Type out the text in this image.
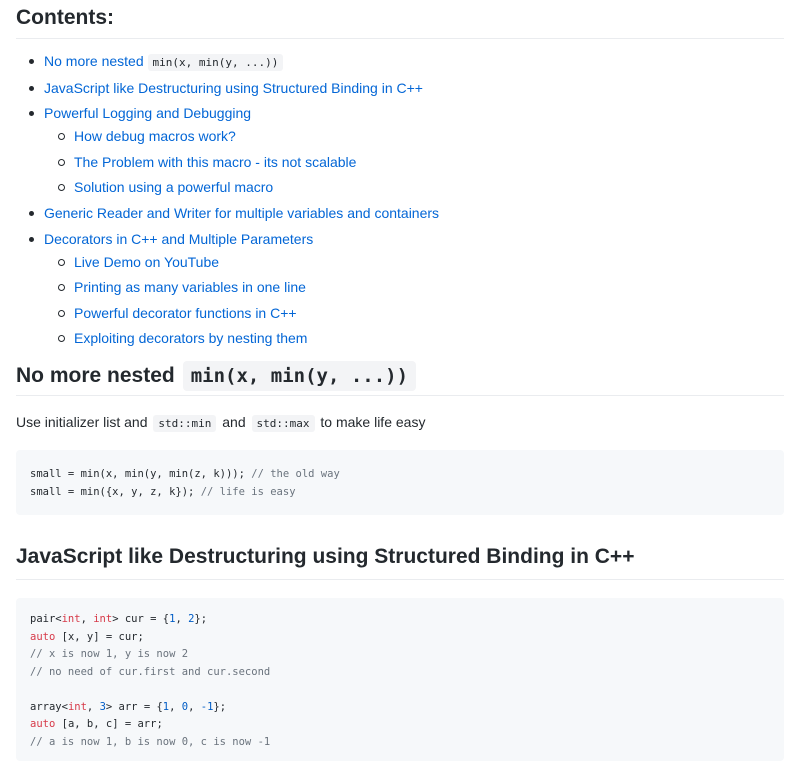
Contents:
No more nested min(x, min(y, ...))
JavaScript like Destructuring using Structured Binding in C++
Powerful Logging and Debugging
How debug macros work?
The Problem with this macro - its not scalable
Solution using a powerful macro
Generic Reader and Writer for multiple variables and containers
Decorators in C++ and Multiple Parameters
Live Demo on YouTube
Printing as many variables in one line
Powerful decorator functions in C++
Exploiting decorators by nesting them
No more nested min(x, min(y, ...))

Use initializer list and std::min and std::max to make life easy

small = min(x, min(y, min(z, k))); // the old way
small = min({x, y, z, k}); // life is easy
JavaScript like Destructuring using Structured Binding in C++
pair<int, int> cur = {1, 2};
auto [x, y] = cur;
// x is now 1, y is now 2
// no need of cur.first and cur.second

array<int, 3> arr = {1, 0, -1};
auto [a, b, c] = arr;
// a is now 1, b is now 0, c is now -1
